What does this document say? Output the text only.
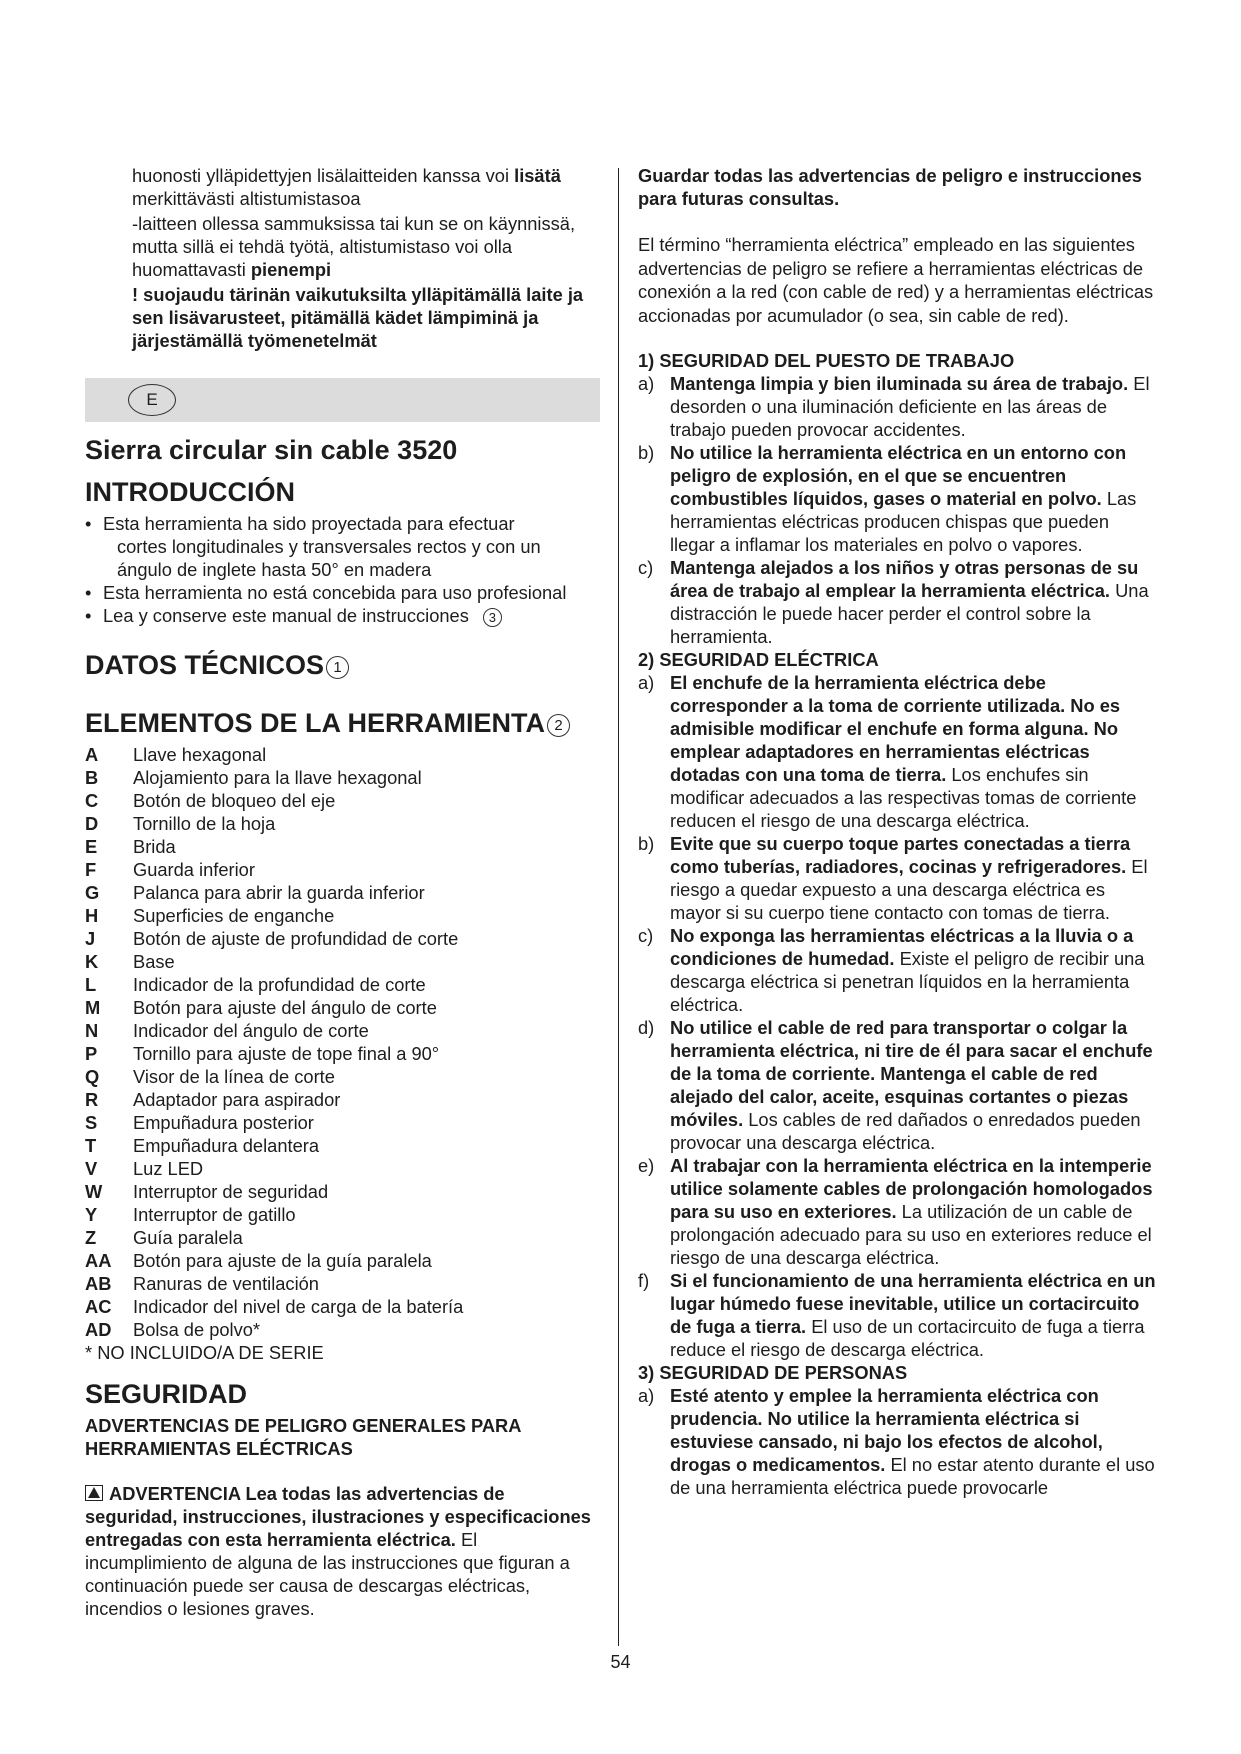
huonosti ylläpidettyjen lisälaitteiden kanssa voi lisätä
merkittävästi altistumistasoa

-laitteen ollessa sammuksissa tai kun se on käynnissä, mutta sillä ei tehdä työtä, altistumistaso voi olla huomattavasti pienempi

! suojaudu tärinän vaikutuksilta ylläpitämällä laite ja sen lisävarusteet, pitämällä kädet lämpiminä ja järjestämällä työmenetelmät

E
Sierra circular sin cable 3520
INTRODUCCIÓN
• Esta herramienta ha sido proyectada para efectuar
cortes longitudinales y transversales rectos y con un ángulo de inglete hasta 50° en madera
• Esta herramienta no está concebida para uso profesional
• Lea y conserve este manual de instrucciones 3
DATOS TÉCNICOS 1
ELEMENTOS DE LA HERRAMIENTA 2
A	Llave hexagonal
B	Alojamiento para la llave hexagonal
C	Botón de bloqueo del eje
D	Tornillo de la hoja
E	Brida
F	Guarda inferior
G	Palanca para abrir la guarda inferior
H	Superficies de enganche
J	Botón de ajuste de profundidad de corte
K	Base
L	Indicador de la profundidad de corte
M	Botón para ajuste del ángulo de corte
N	Indicador del ángulo de corte
P	Tornillo para ajuste de tope final a 90°
Q	Visor de la línea de corte
R	Adaptador para aspirador
S	Empuñadura posterior
T	Empuñadura delantera
V	Luz LED
W	Interruptor de seguridad
Y	Interruptor de gatillo
Z	Guía paralela
AA	Botón para ajuste de la guía paralela
AB	Ranuras de ventilación
AC	Indicador del nivel de carga de la batería
AD	Bolsa de polvo*

* NO INCLUIDO/A DE SERIE

SEGURIDAD
ADVERTENCIAS DE PELIGRO GENERALES PARA HERRAMIENTAS ELÉCTRICAS

ADVERTENCIA Lea todas las advertencias de seguridad, instrucciones, ilustraciones y especificaciones entregadas con esta herramienta eléctrica. El incumplimiento de alguna de las instrucciones que figuran a continuación puede ser causa de descargas eléctricas, incendios o lesiones graves.

Guardar todas las advertencias de peligro e instrucciones para futuras consultas.

El término “herramienta eléctrica” empleado en las siguientes advertencias de peligro se refiere a herramientas eléctricas de conexión a la red (con cable de red) y a herramientas eléctricas accionadas por acumulador (o sea, sin cable de red).

1) SEGURIDAD DEL PUESTO DE TRABAJO
a) Mantenga limpia y bien iluminada su área de trabajo. El desorden o una iluminación deficiente en las áreas de trabajo pueden provocar accidentes.
b) No utilice la herramienta eléctrica en un entorno con peligro de explosión, en el que se encuentren combustibles líquidos, gases o material en polvo. Las herramientas eléctricas producen chispas que pueden llegar a inflamar los materiales en polvo o vapores.
c) Mantenga alejados a los niños y otras personas de su área de trabajo al emplear la herramienta eléctrica. Una distracción le puede hacer perder el control sobre la herramienta.
2) SEGURIDAD ELÉCTRICA
a) El enchufe de la herramienta eléctrica debe corresponder a la toma de corriente utilizada. No es admisible modificar el enchufe en forma alguna. No emplear adaptadores en herramientas eléctricas dotadas con una toma de tierra. Los enchufes sin modificar adecuados a las respectivas tomas de corriente reducen el riesgo de una descarga eléctrica.
b) Evite que su cuerpo toque partes conectadas a tierra como tuberías, radiadores, cocinas y refrigeradores. El riesgo a quedar expuesto a una descarga eléctrica es mayor si su cuerpo tiene contacto con tomas de tierra.
c) No exponga las herramientas eléctricas a la lluvia o a condiciones de humedad. Existe el peligro de recibir una descarga eléctrica si penetran líquidos en la herramienta eléctrica.
d) No utilice el cable de red para transportar o colgar la herramienta eléctrica, ni tire de él para sacar el enchufe de la toma de corriente. Mantenga el cable de red alejado del calor, aceite, esquinas cortantes o piezas móviles. Los cables de red dañados o enredados pueden provocar una descarga eléctrica.
e) Al trabajar con la herramienta eléctrica en la intemperie utilice solamente cables de prolongación homologados para su uso en exteriores. La utilización de un cable de prolongación adecuado para su uso en exteriores reduce el riesgo de una descarga eléctrica.
f) Si el funcionamiento de una herramienta eléctrica en un lugar húmedo fuese inevitable, utilice un cortacircuito de fuga a tierra. El uso de un cortacircuito de fuga a tierra reduce el riesgo de descarga eléctrica.
3) SEGURIDAD DE PERSONAS
a) Esté atento y emplee la herramienta eléctrica con prudencia. No utilice la herramienta eléctrica si estuviese cansado, ni bajo los efectos de alcohol, drogas o medicamentos. El no estar atento durante el uso de una herramienta eléctrica puede provocarle
54
